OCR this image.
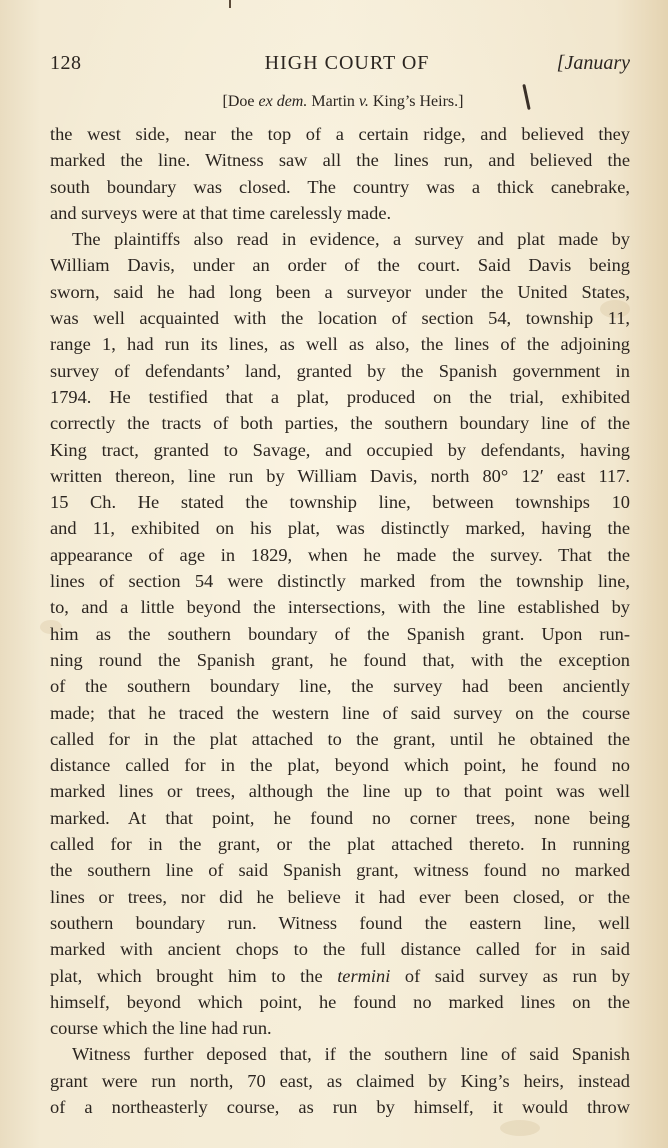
128	HIGH COURT OF	[January
[Doe ex dem. Martin v. King’s Heirs.]
the west side, near the top of a certain ridge, and believed they
marked the line. Witness saw all the lines run, and believed the
south boundary was closed. The country was a thick canebrake,
and surveys were at that time carelessly made.
The plaintiffs also read in evidence, a survey and plat made by
William Davis, under an order of the court. Said Davis being
sworn, said he had long been a surveyor under the United States,
was well acquainted with the location of section 54, township 11,
range 1, had run its lines, as well as also, the lines of the adjoining
survey of defendants’ land, granted by the Spanish government in
1794. He testified that a plat, produced on the trial, exhibited
correctly the tracts of both parties, the southern boundary line of the
King tract, granted to Savage, and occupied by defendants, having
written thereon, line run by William Davis, north 80° 12′ east 117.
15 Ch. He stated the township line, between townships 10
and 11, exhibited on his plat, was distinctly marked, having the
appearance of age in 1829, when he made the survey. That the
lines of section 54 were distinctly marked from the township line,
to, and a little beyond the intersections, with the line established by
him as the southern boundary of the Spanish grant. Upon run-
ning round the Spanish grant, he found that, with the exception
of the southern boundary line, the survey had been anciently
made; that he traced the western line of said survey on the course
called for in the plat attached to the grant, until he obtained the
distance called for in the plat, beyond which point, he found no
marked lines or trees, although the line up to that point was well
marked. At that point, he found no corner trees, none being
called for in the grant, or the plat attached thereto. In running
the southern line of said Spanish grant, witness found no marked
lines or trees, nor did he believe it had ever been closed, or the
southern boundary run. Witness found the eastern line, well
marked with ancient chops to the full distance called for in said
plat, which brought him to the termini of said survey as run by
himself, beyond which point, he found no marked lines on the
course which the line had run.
Witness further deposed that, if the southern line of said Spanish
grant were run north, 70 east, as claimed by King’s heirs, instead
of a northeasterly course, as run by himself, it would throw
